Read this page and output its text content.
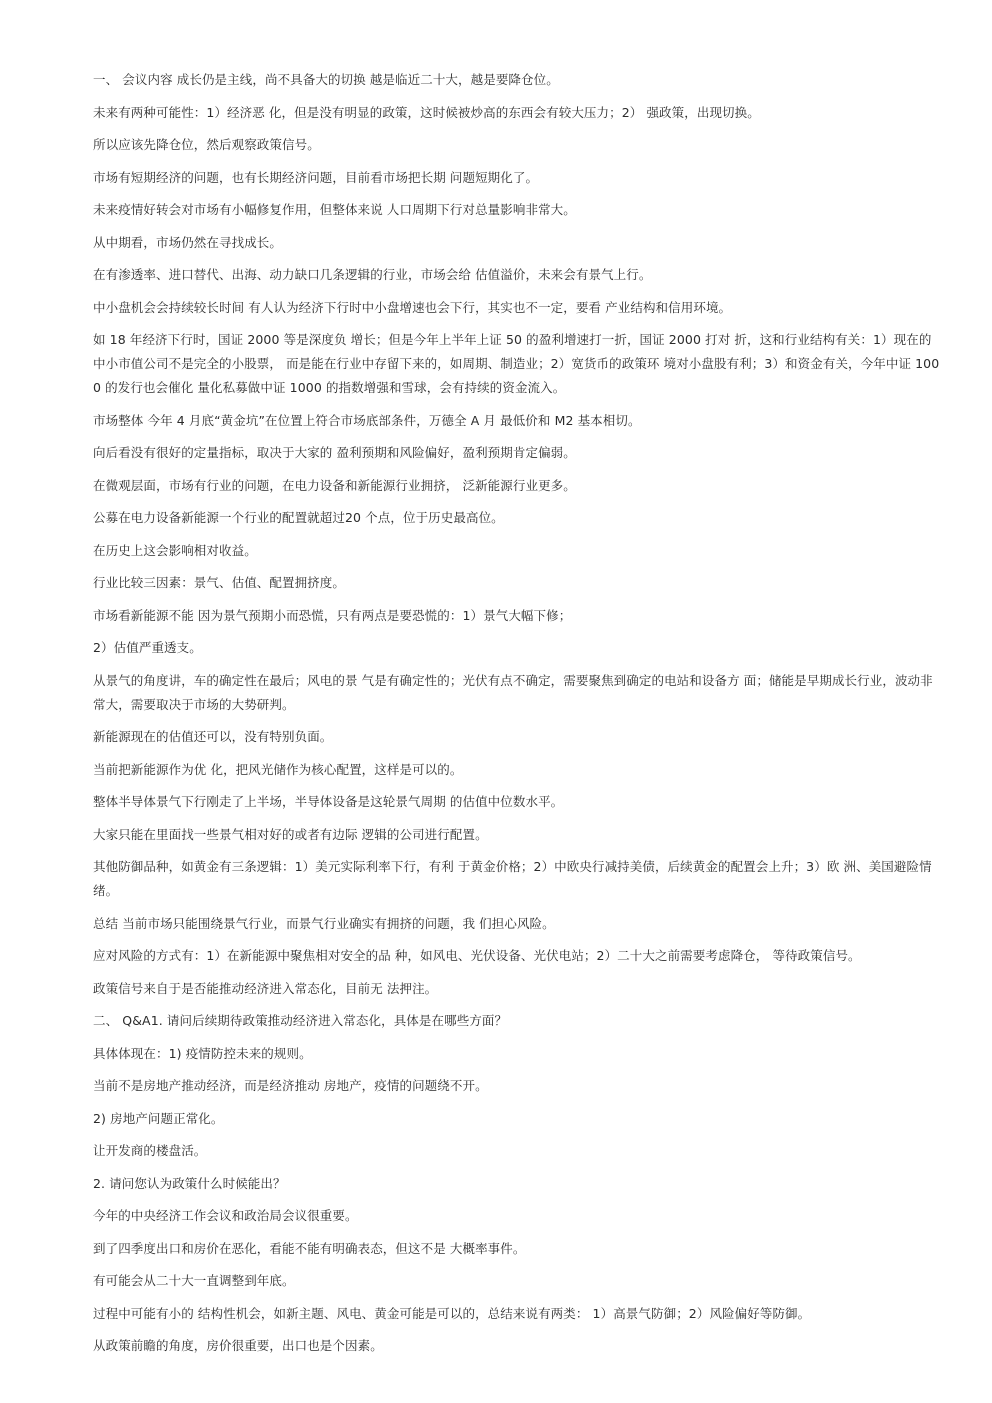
一、 会议内容 成长仍是主线，尚不具备大的切换 越是临近二十大，越是要降仓位。

未来有两种可能性：1）经济恶 化，但是没有明显的政策，这时候被炒高的东西会有较大压力；2） 强政策，出现切换。

所以应该先降仓位，然后观察政策信号。

市场有短期经济的问题，也有长期经济问题，目前看市场把长期 问题短期化了。

未来疫情好转会对市场有小幅修复作用，但整体来说 人口周期下行对总量影响非常大。

从中期看，市场仍然在寻找成长。

在有渗透率、进口替代、出海、动力缺口几条逻辑的行业，市场会给 估值溢价，未来会有景气上行。

中小盘机会会持续较长时间 有人认为经济下行时中小盘增速也会下行，其实也不一定，要看 产业结构和信用环境。

如 18 年经济下行时，国证 2000 等是深度负 增长；但是今年上半年上证 50 的盈利增速打一折，国证 2000 打对 折，这和行业结构有关：1）现在的中小市值公司不是完全的小股票， 而是能在行业中存留下来的，如周期、制造业；2）宽货币的政策环 境对小盘股有利；3）和资金有关，今年中证 1000 的发行也会催化 量化私募做中证 1000 的指数增强和雪球，会有持续的资金流入。

市场整体 今年 4 月底“黄金坑”在位置上符合市场底部条件，万德全 A 月 最低价和 M2 基本相切。

向后看没有很好的定量指标，取决于大家的 盈利预期和风险偏好，盈利预期肯定偏弱。

在微观层面，市场有行业的问题，在电力设备和新能源行业拥挤， 泛新能源行业更多。

公募在电力设备新能源一个行业的配置就超过20 个点，位于历史最高位。

在历史上这会影响相对收益。

行业比较三因素：景气、估值、配置拥挤度。

市场看新能源不能 因为景气预期小而恐慌，只有两点是要恐慌的：1）景气大幅下修；

2）估值严重透支。

从景气的角度讲，车的确定性在最后；风电的景 气是有确定性的；光伏有点不确定，需要聚焦到确定的电站和设备方 面；储能是早期成长行业，波动非常大，需要取决于市场的大势研判。

新能源现在的估值还可以，没有特别负面。

当前把新能源作为优 化，把风光储作为核心配置，这样是可以的。

整体半导体景气下行刚走了上半场，半导体设备是这轮景气周期 的估值中位数水平。

大家只能在里面找一些景气相对好的或者有边际 逻辑的公司进行配置。

其他防御品种，如黄金有三条逻辑：1）美元实际利率下行，有利 于黄金价格；2）中欧央行减持美债，后续黄金的配置会上升；3）欧 洲、美国避险情绪。

总结 当前市场只能围绕景气行业，而景气行业确实有拥挤的问题，我 们担心风险。

应对风险的方式有：1）在新能源中聚焦相对安全的品 种，如风电、光伏设备、光伏电站；2）二十大之前需要考虑降仓， 等待政策信号。

政策信号来自于是否能推动经济进入常态化，目前无 法押注。

二、 Q&A1. 请问后续期待政策推动经济进入常态化，具体是在哪些方面？

具体体现在：1) 疫情防控未来的规则。

当前不是房地产推动经济，而是经济推动 房地产，疫情的问题绕不开。

2) 房地产问题正常化。

让开发商的楼盘活。

2. 请问您认为政策什么时候能出？

今年的中央经济工作会议和政治局会议很重要。

到了四季度出口和房价在恶化，看能不能有明确表态，但这不是 大概率事件。

有可能会从二十大一直调整到年底。

过程中可能有小的 结构性机会，如新主题、风电、黄金可能是可以的，总结来说有两类： 1）高景气防御；2）风险偏好等防御。

从政策前瞻的角度，房价很重要，出口也是个因素。
